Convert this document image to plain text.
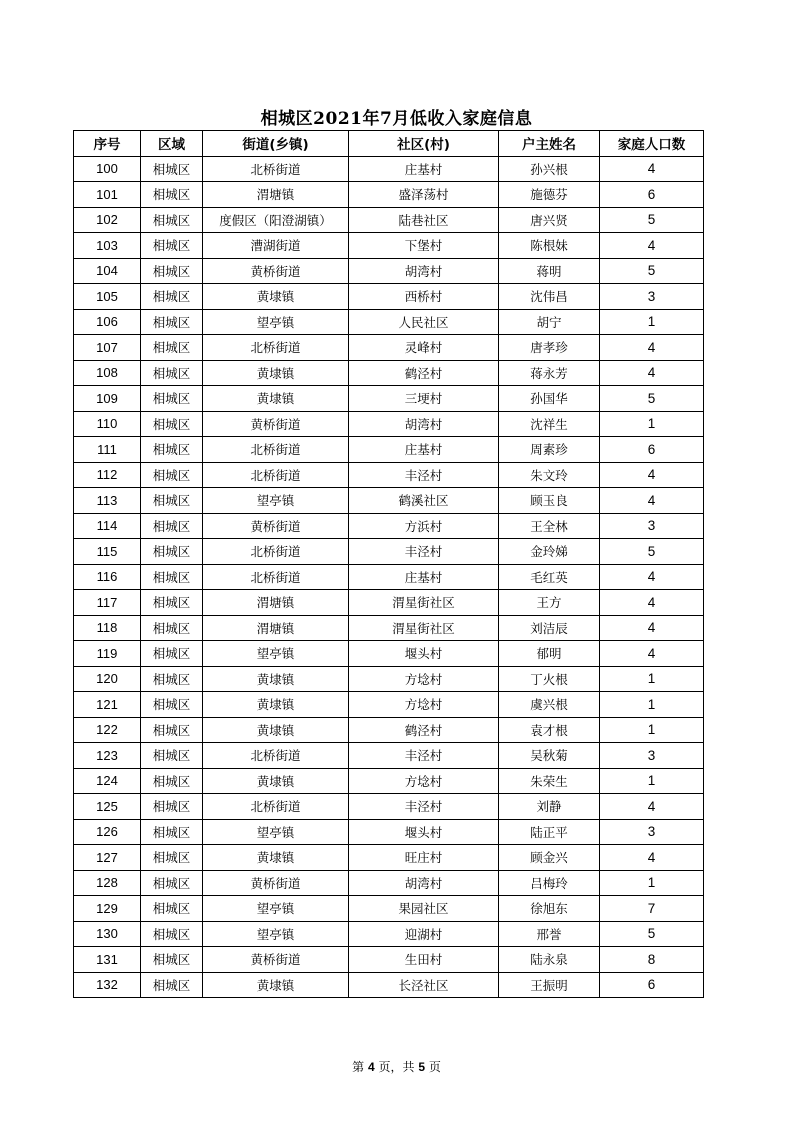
相城区2021年7月低收入家庭信息
序号	区域	街道(乡镇)	社区(村)	户主姓名	家庭人口数
100	相城区	北桥街道	庄基村	孙兴根	4
101	相城区	渭塘镇	盛泽荡村	施德芬	6
102	相城区	度假区（阳澄湖镇）	陆巷社区	唐兴贤	5
103	相城区	漕湖街道	下堡村	陈根妹	4
104	相城区	黄桥街道	胡湾村	蒋明	5
105	相城区	黄埭镇	西桥村	沈伟昌	3
106	相城区	望亭镇	人民社区	胡宁	1
107	相城区	北桥街道	灵峰村	唐孝珍	4
108	相城区	黄埭镇	鹤泾村	蒋永芳	4
109	相城区	黄埭镇	三埂村	孙国华	5
110	相城区	黄桥街道	胡湾村	沈祥生	1
111	相城区	北桥街道	庄基村	周素珍	6
112	相城区	北桥街道	丰泾村	朱文玲	4
113	相城区	望亭镇	鹤溪社区	顾玉良	4
114	相城区	黄桥街道	方浜村	王全林	3
115	相城区	北桥街道	丰泾村	金玲娣	5
116	相城区	北桥街道	庄基村	毛红英	4
117	相城区	渭塘镇	渭星街社区	王方	4
118	相城区	渭塘镇	渭星街社区	刘洁辰	4
119	相城区	望亭镇	堰头村	郁明	4
120	相城区	黄埭镇	方埝村	丁火根	1
121	相城区	黄埭镇	方埝村	虞兴根	1
122	相城区	黄埭镇	鹤泾村	袁才根	1
123	相城区	北桥街道	丰泾村	吴秋菊	3
124	相城区	黄埭镇	方埝村	朱荣生	1
125	相城区	北桥街道	丰泾村	刘静	4
126	相城区	望亭镇	堰头村	陆正平	3
127	相城区	黄埭镇	旺庄村	顾金兴	4
128	相城区	黄桥街道	胡湾村	吕梅玲	1
129	相城区	望亭镇	果园社区	徐旭东	7
130	相城区	望亭镇	迎湖村	邢誉	5
131	相城区	黄桥街道	生田村	陆永泉	8
132	相城区	黄埭镇	长泾社区	王振明	6
第 4 页，共 5 页
